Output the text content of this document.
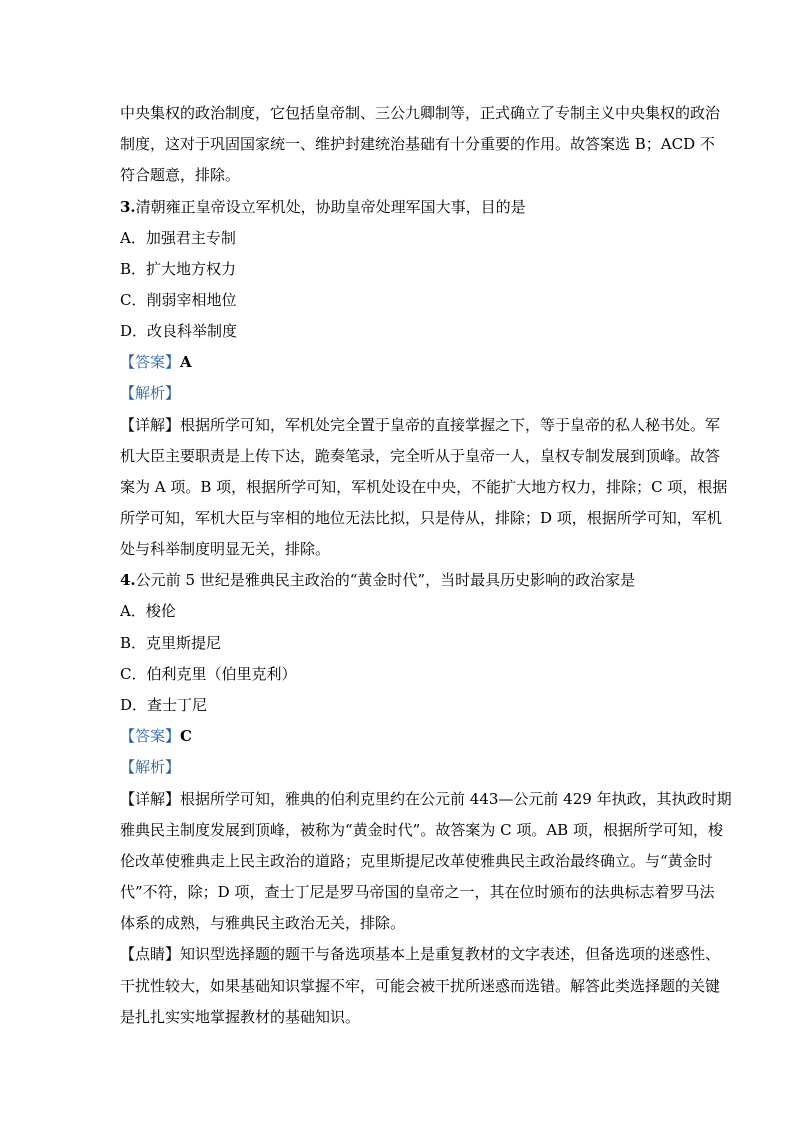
中央集权的政治制度，它包括皇帝制、三公九卿制等，正式确立了专制主义中央集权的政治
制度，这对于巩固国家统一、维护封建统治基础有十分重要的作用。故答案选 B；ACD 不
符合题意，排除。
3.清朝雍正皇帝设立军机处，协助皇帝处理军国大事，目的是
A．加强君主专制
B．扩大地方权力
C．削弱宰相地位
D．改良科举制度
【答案】A
【解析】
【详解】根据所学可知，军机处完全置于皇帝的直接掌握之下，等于皇帝的私人秘书处。军
机大臣主要职责是上传下达，跪奏笔录，完全听从于皇帝一人，皇权专制发展到顶峰。故答
案为 A 项。B 项，根据所学可知，军机处设在中央，不能扩大地方权力，排除；C 项，根据
所学可知，军机大臣与宰相的地位无法比拟，只是侍从，排除；D 项，根据所学可知，军机
处与科举制度明显无关，排除。
4.公元前 5 世纪是雅典民主政治的“黄金时代”，当时最具历史影响的政治家是
A．梭伦
B．克里斯提尼
C．伯利克里（伯里克利）
D．查士丁尼
【答案】C
【解析】
【详解】根据所学可知，雅典的伯利克里约在公元前 443—公元前 429 年执政，其执政时期
雅典民主制度发展到顶峰，被称为“黄金时代”。故答案为 C 项。AB 项，根据所学可知，梭
伦改革使雅典走上民主政治的道路；克里斯提尼改革使雅典民主政治最终确立。与“黄金时
代”不符，除；D 项，查士丁尼是罗马帝国的皇帝之一，其在位时颁布的法典标志着罗马法
体系的成熟，与雅典民主政治无关，排除。
【点睛】知识型选择题的题干与备选项基本上是重复教材的文字表述，但备选项的迷惑性、
干扰性较大，如果基础知识掌握不牢，可能会被干扰所迷惑而选错。解答此类选择题的关键
是扎扎实实地掌握教材的基础知识。
